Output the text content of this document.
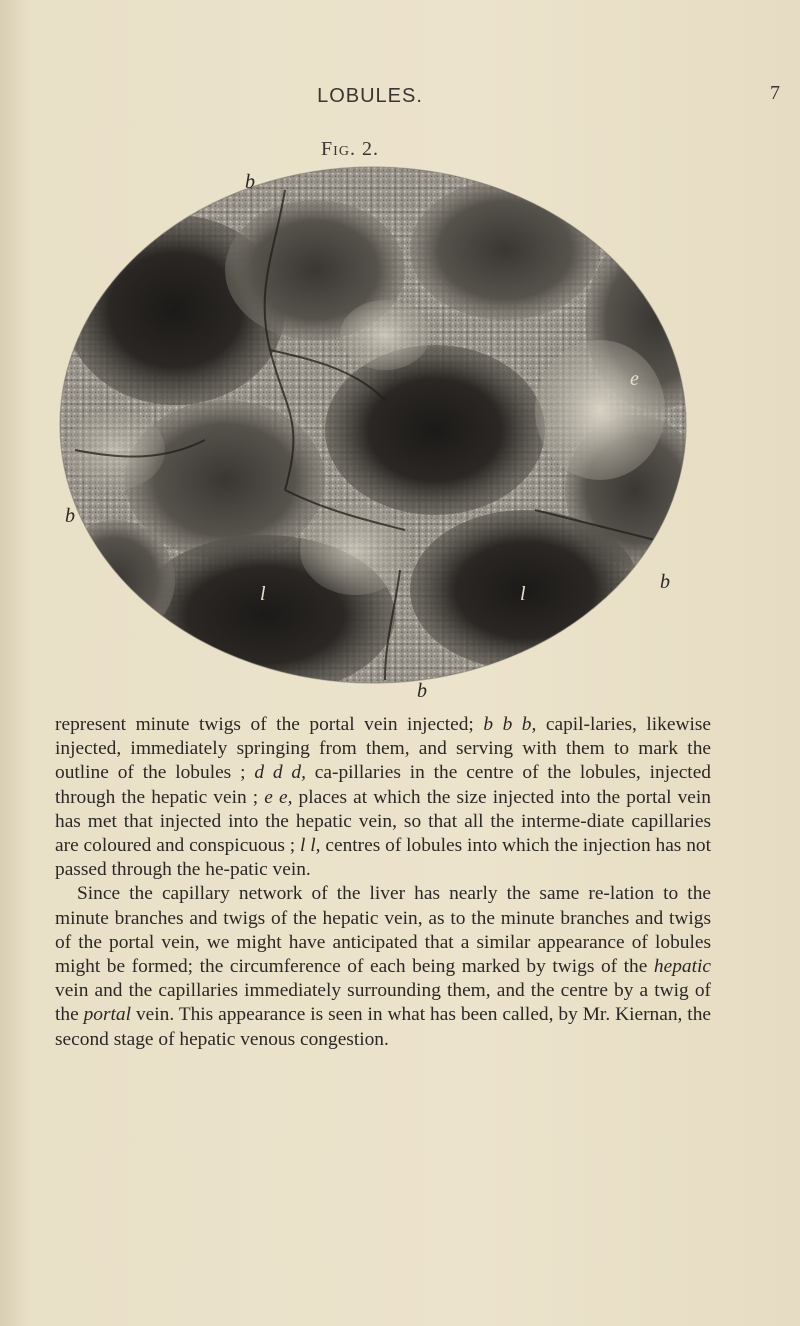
LOBULES.	7
Fig. 2.
b
e
b
b
l	l
b

represent minute twigs of the portal vein injected; b b b, capil-laries, likewise injected, immediately springing from them, and serving with them to mark the outline of the lobules ; d d d, ca-pillaries in the centre of the lobules, injected through the hepatic vein ; e e, places at which the size injected into the portal vein has met that injected into the hepatic vein, so that all the interme-diate capillaries are coloured and conspicuous ; l l, centres of lobules into which the injection has not passed through the he-patic vein.

Since the capillary network of the liver has nearly the same re-lation to the minute branches and twigs of the hepatic vein, as to the minute branches and twigs of the portal vein, we might have anticipated that a similar appearance of lobules might be formed; the circumference of each being marked by twigs of the hepatic vein and the capillaries immediately surrounding them, and the centre by a twig of the portal vein. This appearance is seen in what has been called, by Mr. Kiernan, the second stage of hepatic venous congestion.
